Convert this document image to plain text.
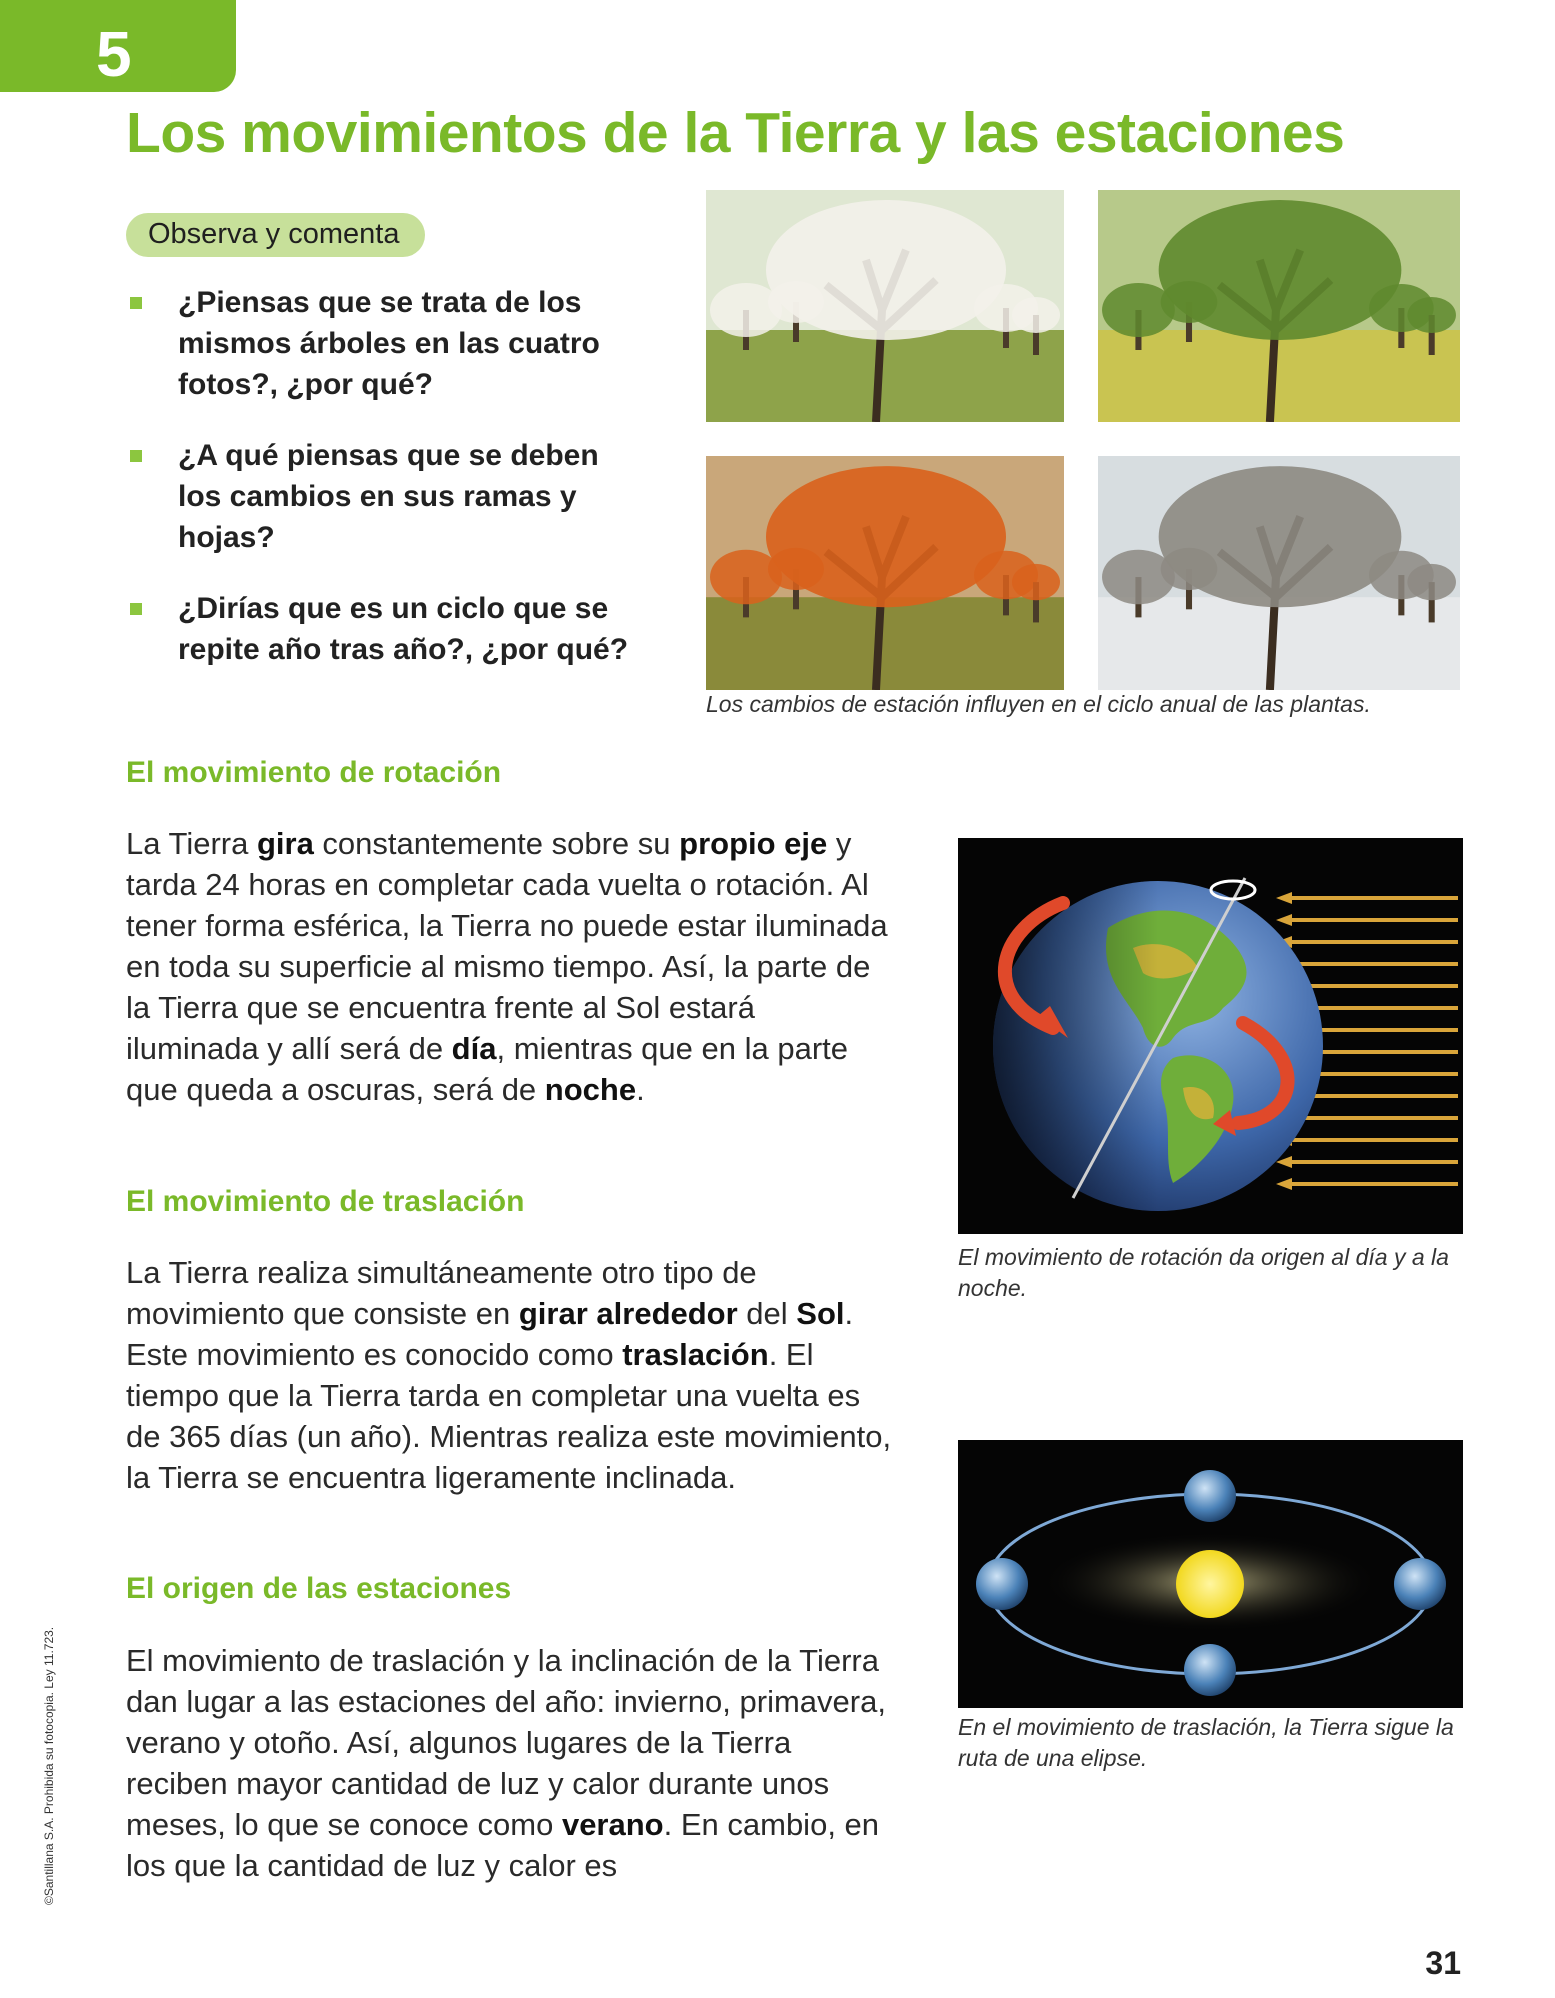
5
Los movimientos de la Tierra y las estaciones
Observa y comenta
¿Piensas que se trata de los mismos árboles en las cuatro fotos?, ¿por qué?
¿A qué piensas que se deben los cambios en sus ramas y hojas?
¿Dirías que es un ciclo que se repite año tras año?, ¿por qué?

Los cambios de estación influyen en el ciclo anual de las plantas.

El movimiento de rotación

La Tierra gira constantemente sobre su propio eje y tarda 24 horas en completar cada vuelta o rotación. Al tener forma esférica, la Tierra no puede estar iluminada en toda su superficie al mismo tiempo. Así, la parte de la Tierra que se encuentra frente al Sol estará iluminada y allí será de día, mientras que en la parte que queda a oscuras, será de noche.

El movimiento de rotación da origen al día y a la noche.

El movimiento de traslación

La Tierra realiza simultáneamente otro tipo de movimiento que consiste en girar alrededor del Sol. Este movimiento es conocido como traslación. El tiempo que la Tierra tarda en completar una vuelta es de 365 días (un año). Mientras realiza este movimiento, la Tierra se encuentra ligeramente inclinada.

En el movimiento de traslación, la Tierra sigue la ruta de una elipse.

El origen de las estaciones

El movimiento de traslación y la inclinación de la Tierra dan lugar a las estaciones del año: invierno, primavera, verano y otoño. Así, algunos lugares de la Tierra reciben mayor cantidad de luz y calor durante unos meses, lo que se conoce como verano. En cambio, en los que la cantidad de luz y calor es

©Santillana S.A. Prohibida su fotocopia. Ley 11.723.
31
